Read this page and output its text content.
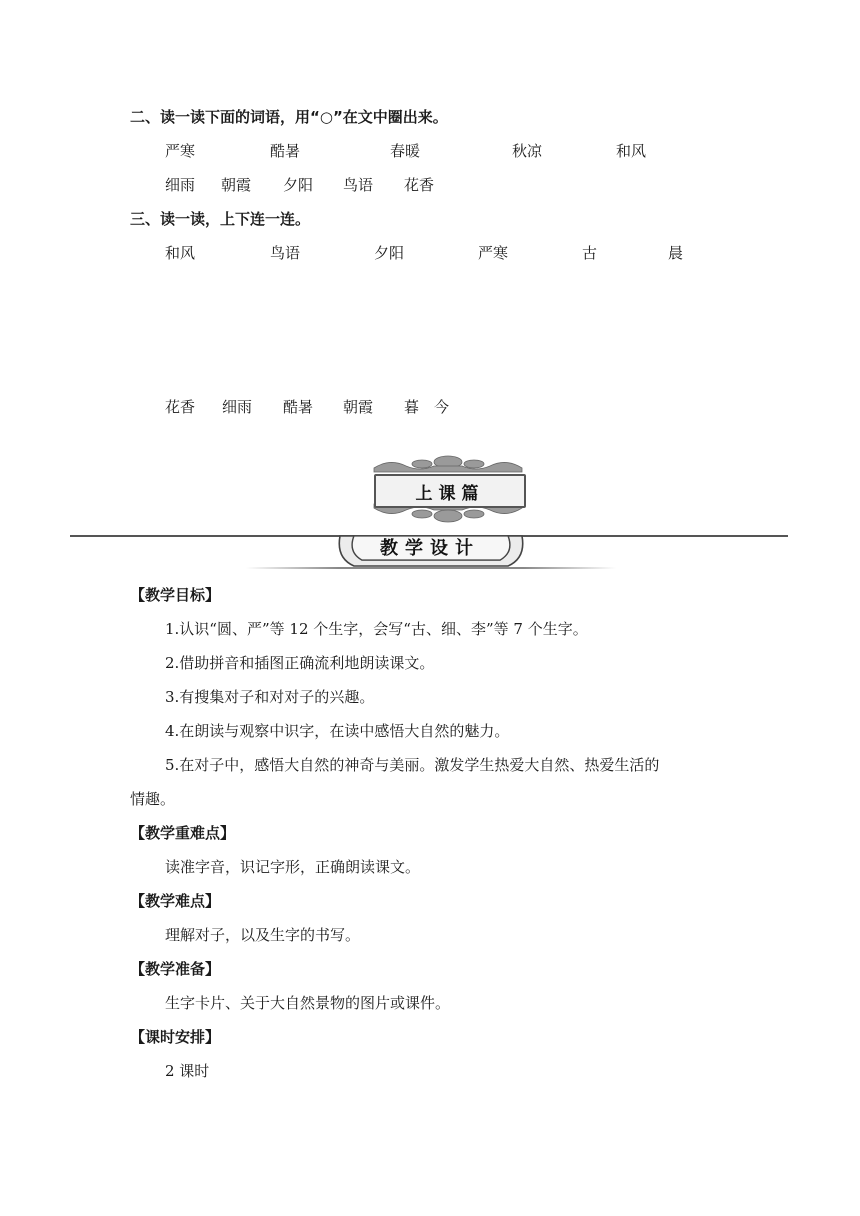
二、读一读下面的词语，用“○”在文中圈出来。
严寒	酷暑	春暖	秋凉	和风
细雨 朝霞 夕阳 鸟语 花香
三、读一读，上下连一连。
和风	鸟语	夕阳	严寒	古	晨
花香 细雨 酷暑 朝霞 暮 今
上课篇
教学设计
【教学目标】
1.认识“圆、严”等 12 个生字，会写“古、细、李”等 7 个生字。
2.借助拼音和插图正确流利地朗读课文。
3.有搜集对子和对对子的兴趣。
4.在朗读与观察中识字，在读中感悟大自然的魅力。
5.在对子中，感悟大自然的神奇与美丽。激发学生热爱大自然、热爱生活的
情趣。
【教学重难点】
读准字音，识记字形，正确朗读课文。
【教学难点】
理解对子，以及生字的书写。
【教学准备】
生字卡片、关于大自然景物的图片或课件。
【课时安排】
2 课时
